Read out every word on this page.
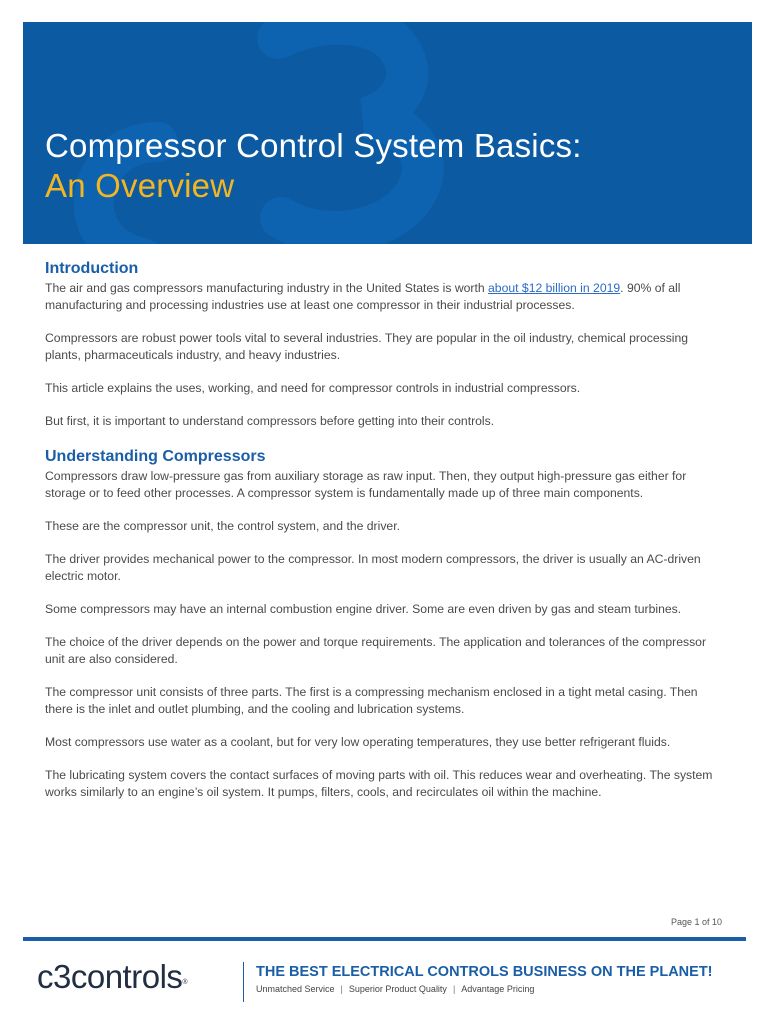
Compressor Control System Basics:
An Overview
Introduction

The air and gas compressors manufacturing industry in the United States is worth about $12 billion in 2019. 90% of all manufacturing and processing industries use at least one compressor in their industrial processes.

Compressors are robust power tools vital to several industries. They are popular in the oil industry, chemical processing plants, pharmaceuticals industry, and heavy industries.

This article explains the uses, working, and need for compressor controls in industrial compressors.

But first, it is important to understand compressors before getting into their controls.

Understanding Compressors

Compressors draw low-pressure gas from auxiliary storage as raw input. Then, they output high-pressure gas either for storage or to feed other processes. A compressor system is fundamentally made up of three main components.

These are the compressor unit, the control system, and the driver.

The driver provides mechanical power to the compressor. In most modern compressors, the driver is usually an AC-driven electric motor.

Some compressors may have an internal combustion engine driver. Some are even driven by gas and steam turbines.

The choice of the driver depends on the power and torque requirements. The application and tolerances of the compressor unit are also considered.

The compressor unit consists of three parts. The first is a compressing mechanism enclosed in a tight metal casing. Then there is the inlet and outlet plumbing, and the cooling and lubrication systems.

Most compressors use water as a coolant, but for very low operating temperatures, they use better refrigerant fluids.

The lubricating system covers the contact surfaces of moving parts with oil. This reduces wear and overheating. The system works similarly to an engine’s oil system. It pumps, filters, cools, and recirculates oil within the machine.

Page 1 of 10
c3controls®
THE BEST ELECTRICAL CONTROLS BUSINESS ON THE PLANET!
Unmatched Service | Superior Product Quality | Advantage Pricing
